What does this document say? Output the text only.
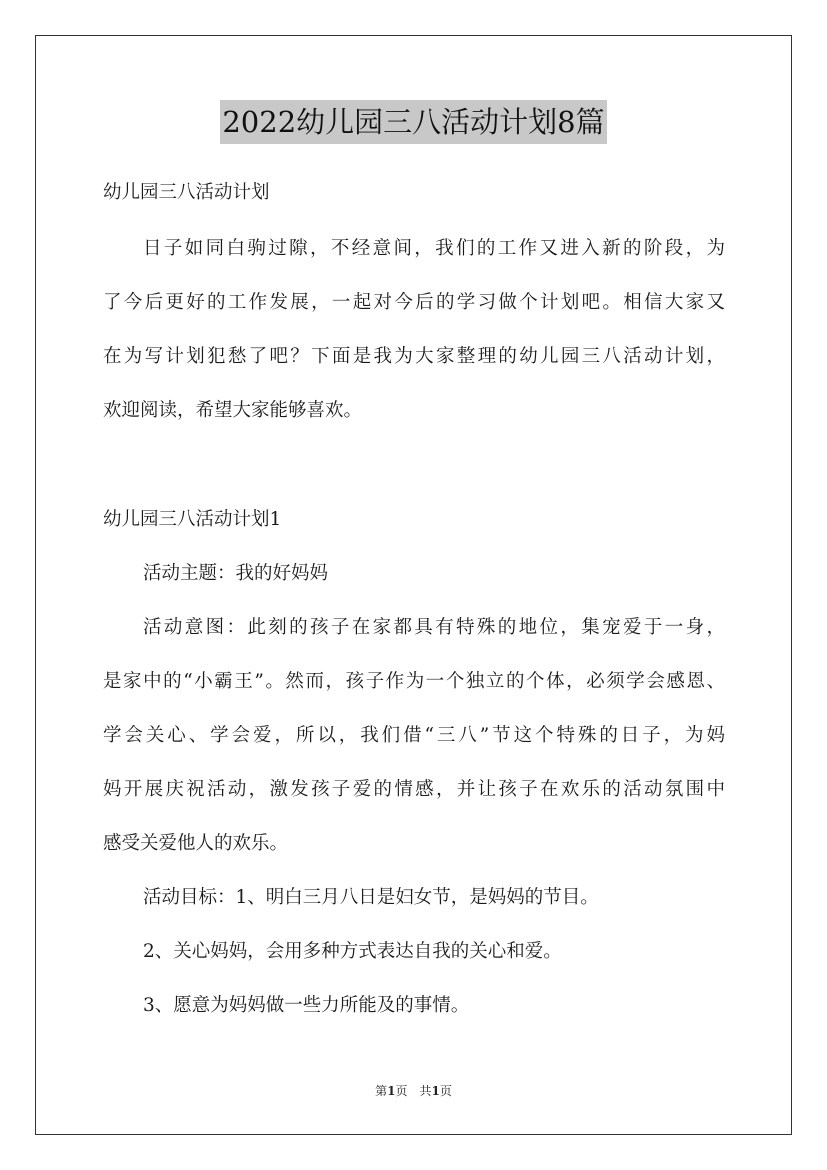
2022幼儿园三八活动计划8篇
幼儿园三八活动计划
日子如同白驹过隙，不经意间，我们的工作又进入新的阶段，为
了今后更好的工作发展，一起对今后的学习做个计划吧。相信大家又
在为写计划犯愁了吧？下面是我为大家整理的幼儿园三八活动计划，
欢迎阅读，希望大家能够喜欢。
幼儿园三八活动计划1
活动主题：我的好妈妈
活动意图：此刻的孩子在家都具有特殊的地位，集宠爱于一身，
是家中的“小霸王”。然而，孩子作为一个独立的个体，必须学会感恩、
学会关心、学会爱，所以，我们借“三八”节这个特殊的日子，为妈
妈开展庆祝活动，激发孩子爱的情感，并让孩子在欢乐的活动氛围中
感受关爱他人的欢乐。
活动目标：1、明白三月八日是妇女节，是妈妈的节目。
2、关心妈妈，会用多种方式表达自我的关心和爱。
3、愿意为妈妈做一些力所能及的事情。
第1页 共1页
